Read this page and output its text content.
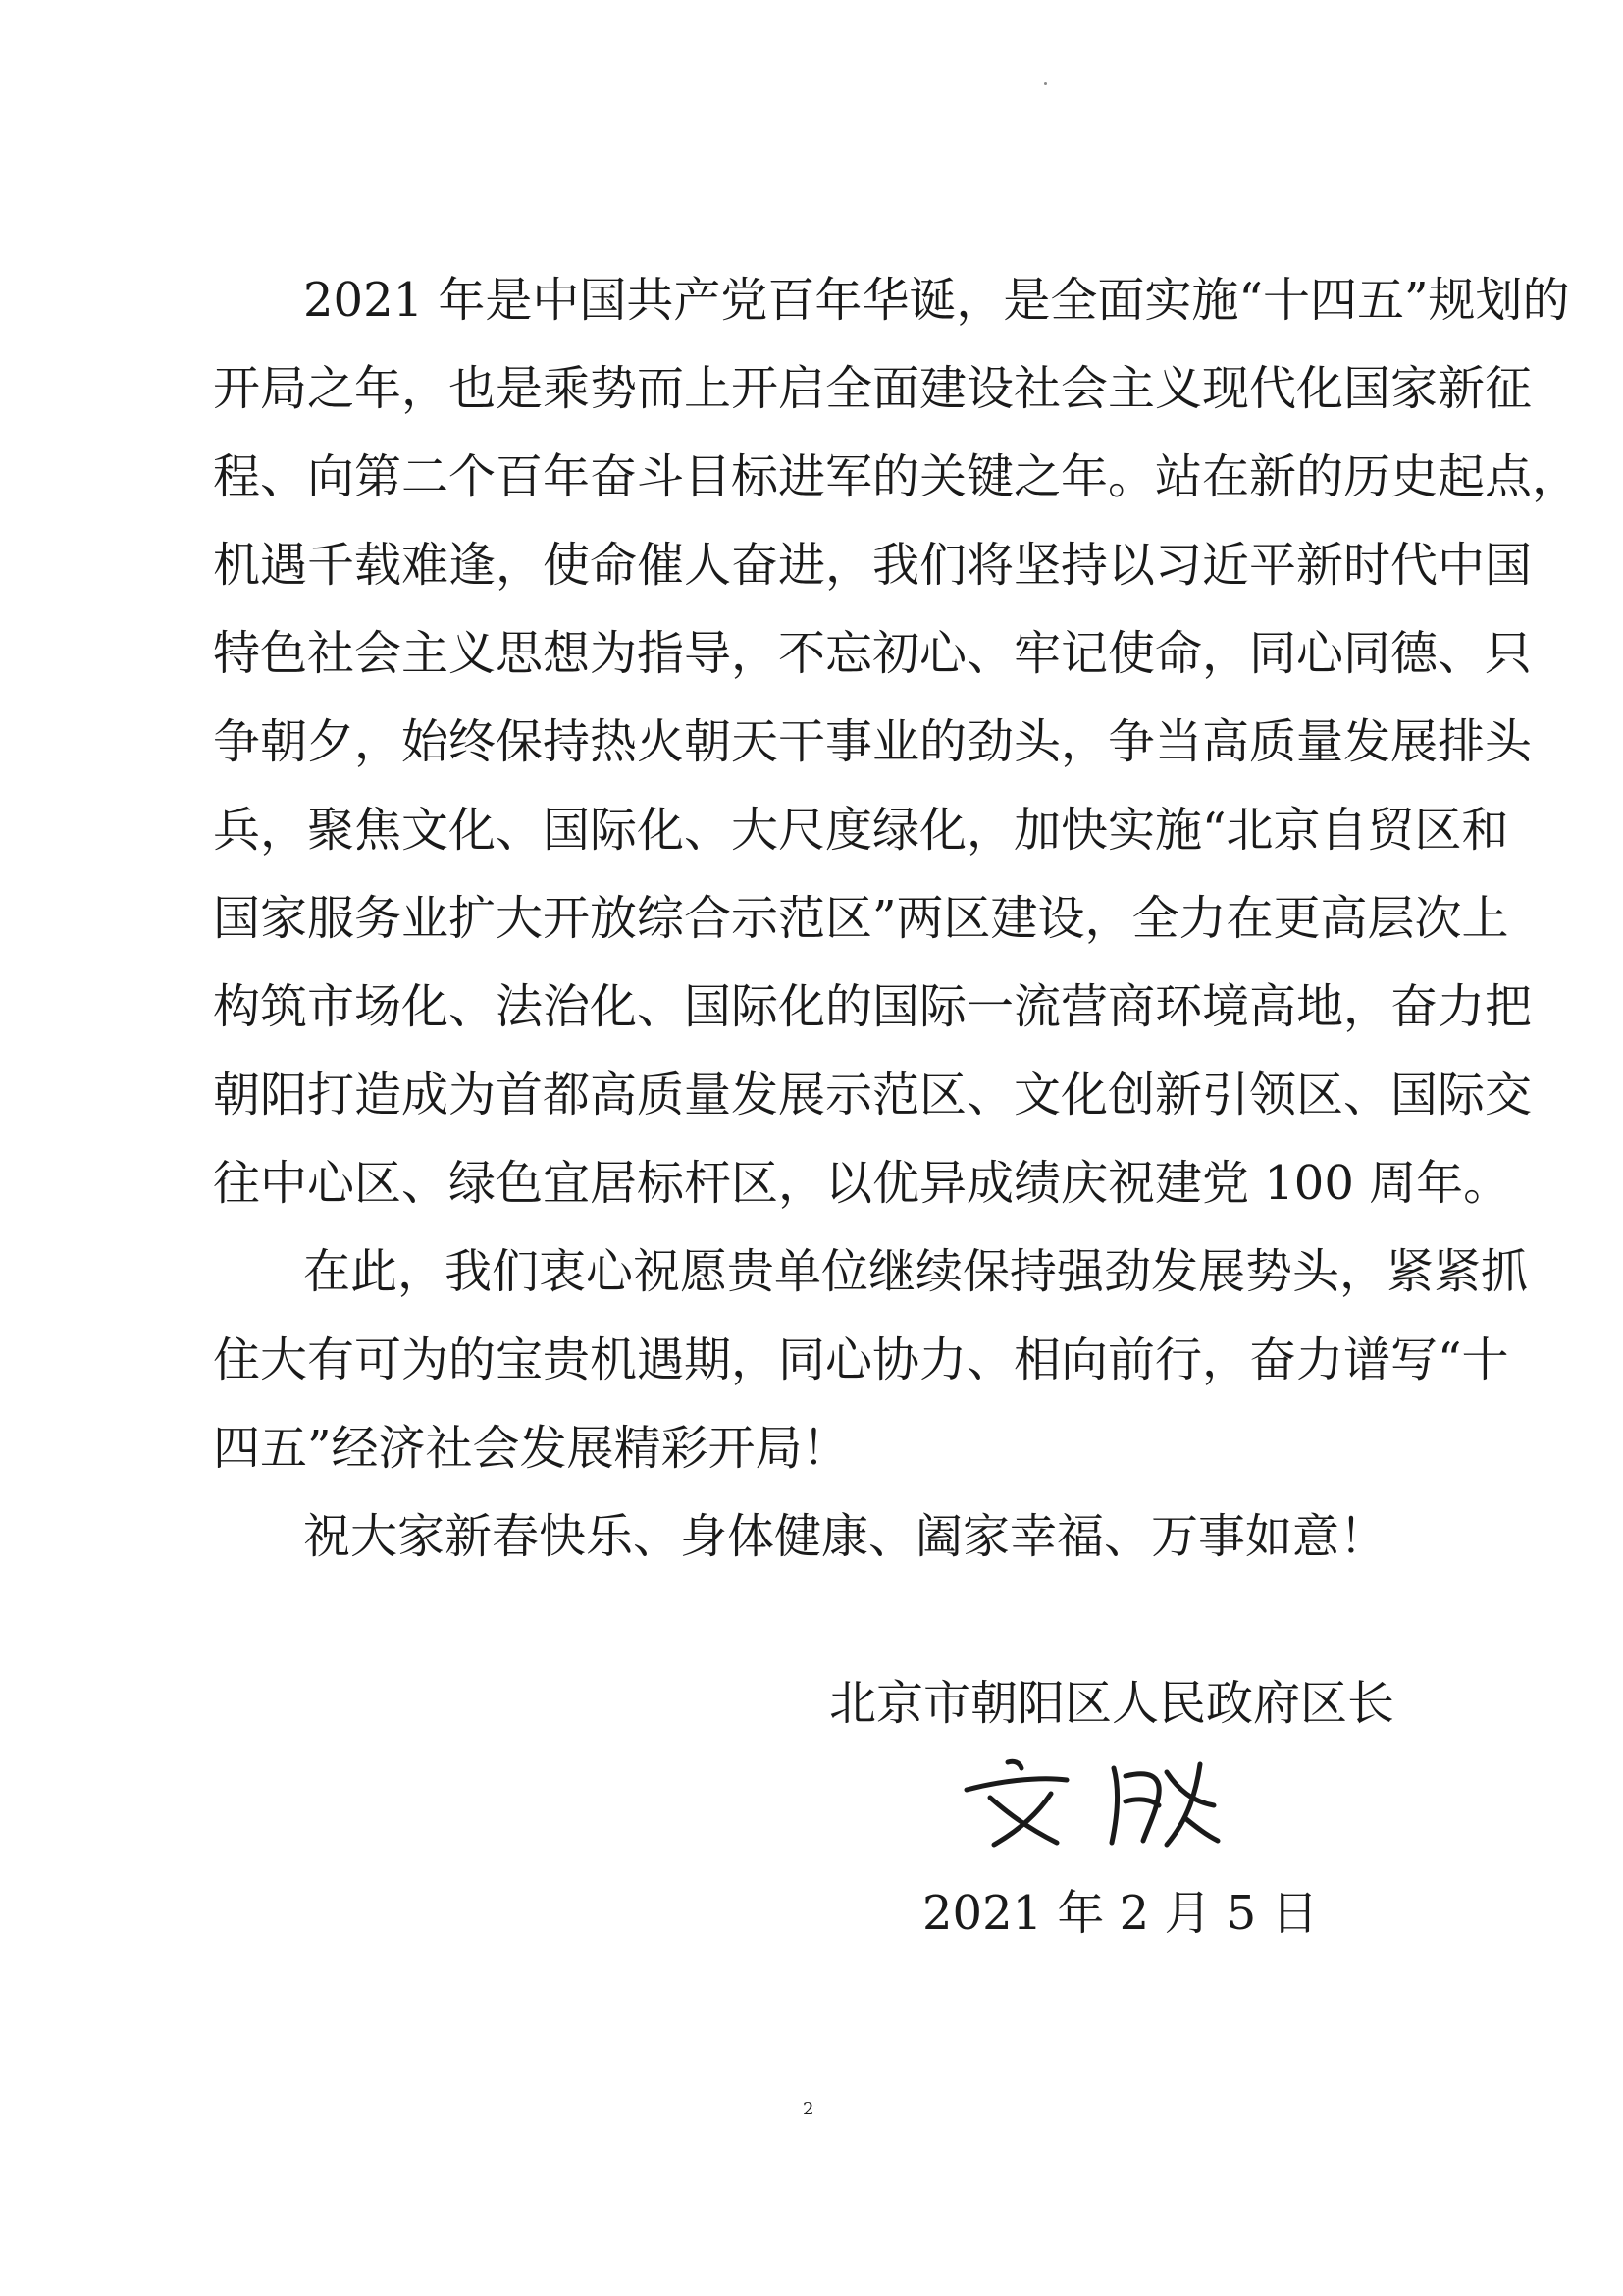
2021 年是中国共产党百年华诞，是全面实施“十四五”规划的
开局之年，也是乘势而上开启全面建设社会主义现代化国家新征
程、向第二个百年奋斗目标进军的关键之年。站在新的历史起点，
机遇千载难逢，使命催人奋进，我们将坚持以习近平新时代中国
特色社会主义思想为指导，不忘初心、牢记使命，同心同德、只
争朝夕，始终保持热火朝天干事业的劲头，争当高质量发展排头
兵，聚焦文化、国际化、大尺度绿化，加快实施“北京自贸区和
国家服务业扩大开放综合示范区”两区建设，全力在更高层次上
构筑市场化、法治化、国际化的国际一流营商环境高地，奋力把
朝阳打造成为首都高质量发展示范区、文化创新引领区、国际交
往中心区、绿色宜居标杆区，以优异成绩庆祝建党 100 周年。
在此，我们衷心祝愿贵单位继续保持强劲发展势头，紧紧抓
住大有可为的宝贵机遇期，同心协力、相向前行，奋力谱写“十
四五”经济社会发展精彩开局！
祝大家新春快乐、身体健康、阖家幸福、万事如意！
北京市朝阳区人民政府区长
2021 年 2 月 5 日
2
